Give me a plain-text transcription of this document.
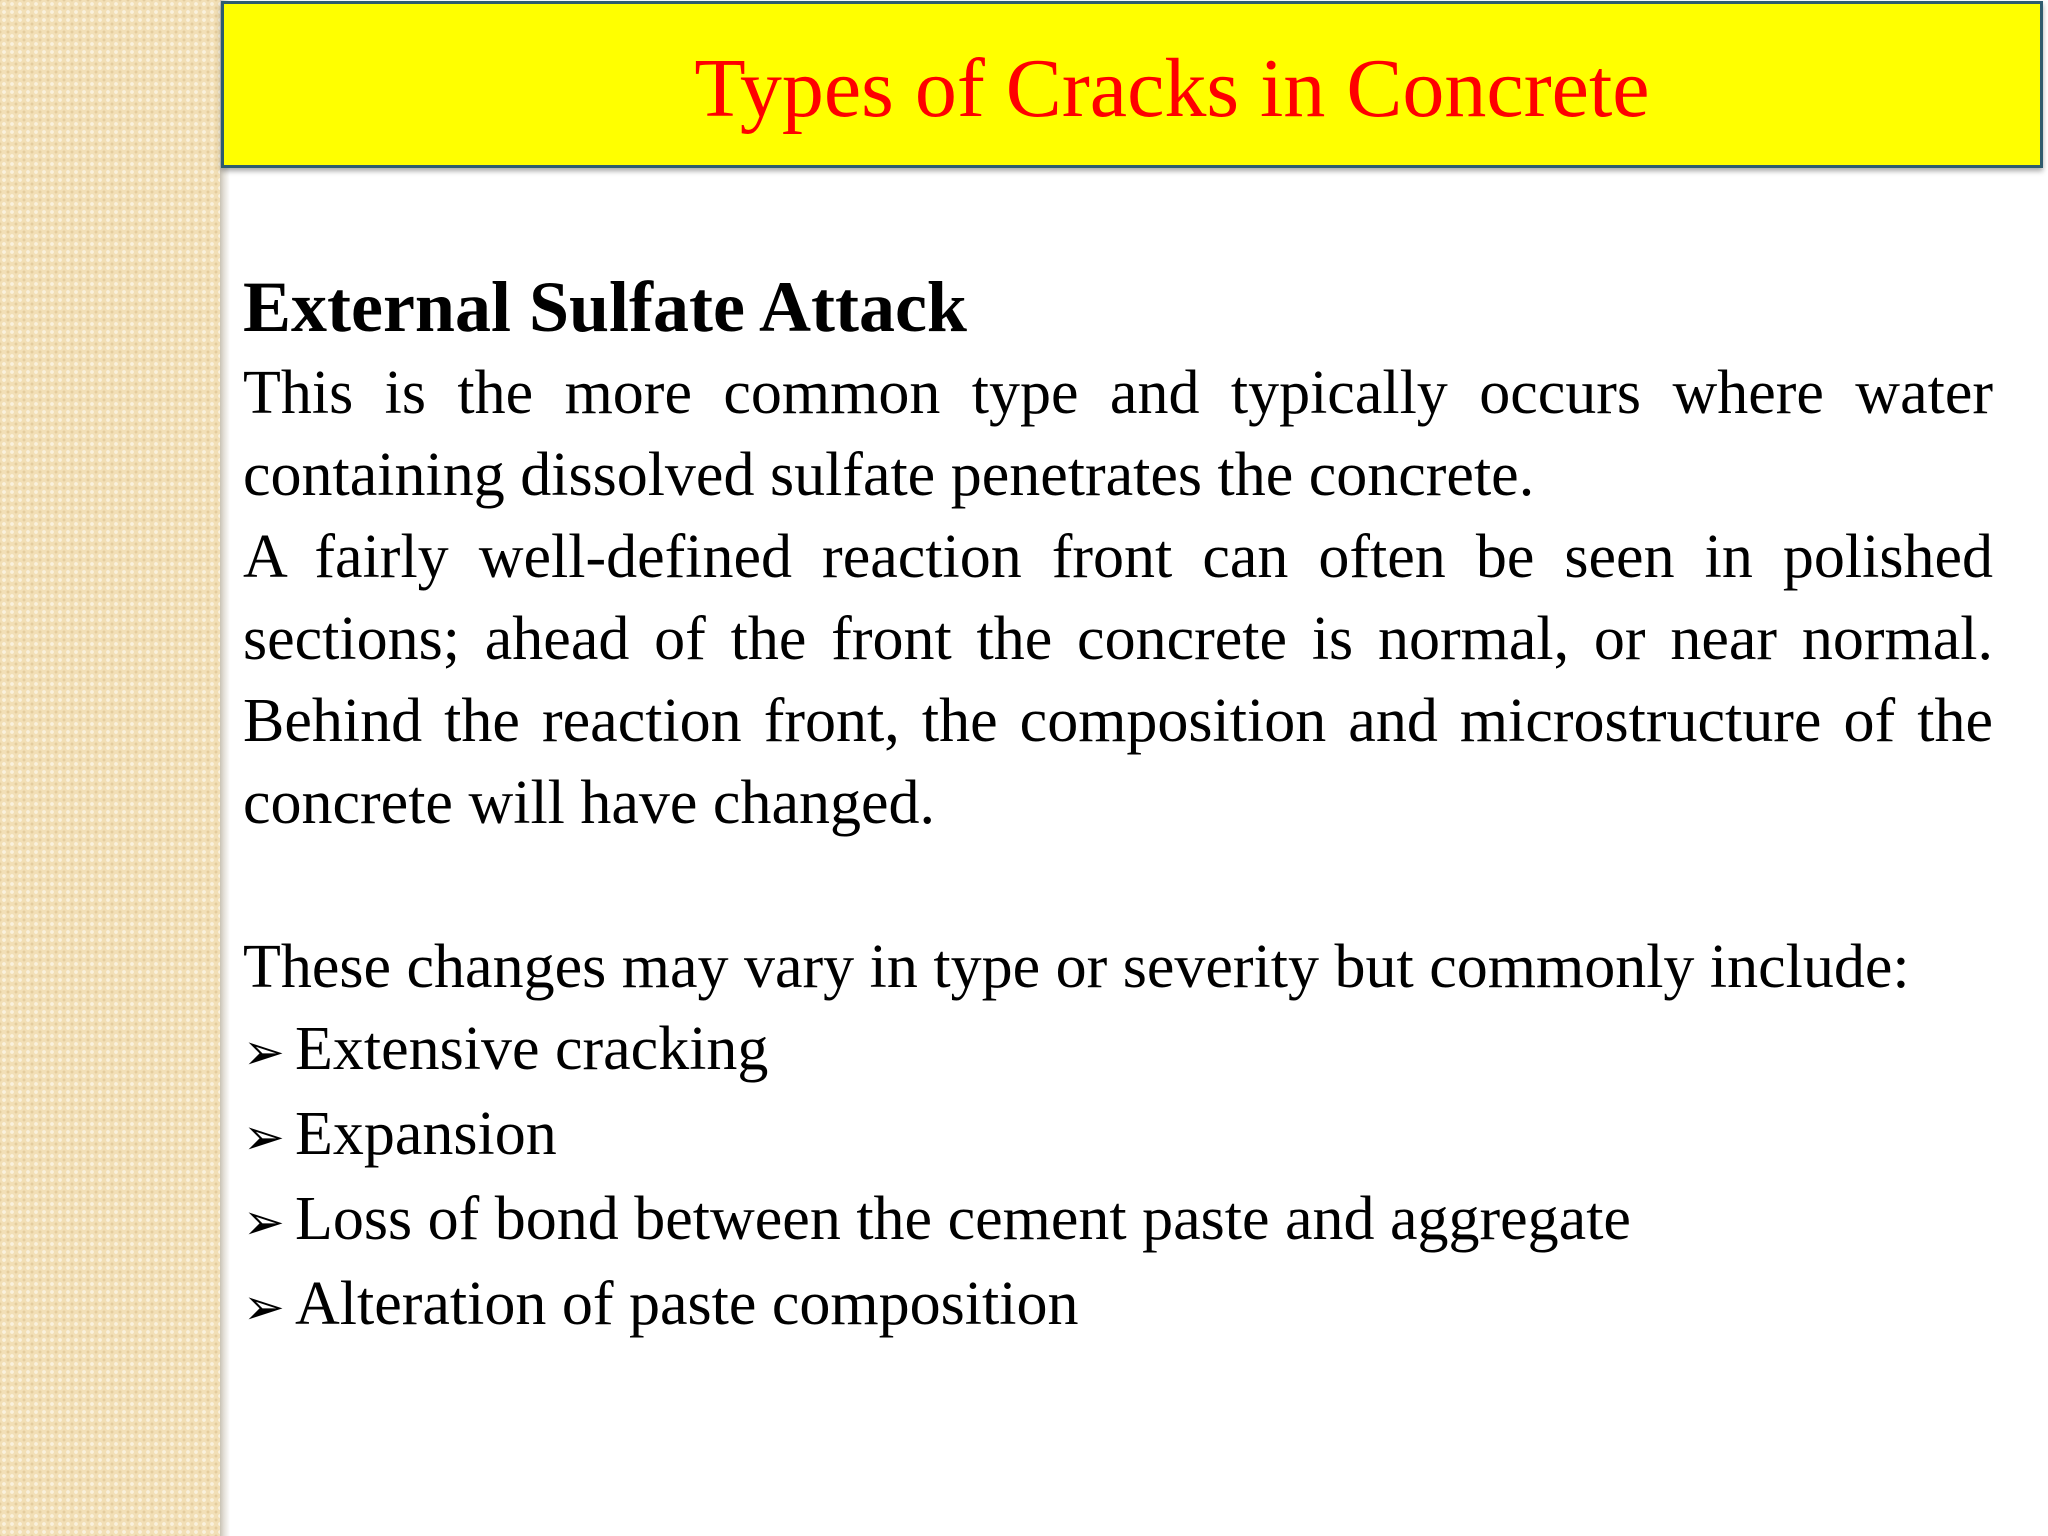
Types of Cracks in Concrete

External Sulfate Attack

This is the more common type and typically occurs where water containing dissolved sulfate penetrates the concrete.

A fairly well-defined reaction front can often be seen in polished sections; ahead of the front the concrete is normal, or near normal. Behind the reaction front, the composition and microstructure of the concrete will have changed.

These changes may vary in type or severity but commonly include:

➢ Extensive cracking
➢ Expansion
➢ Loss of bond between the cement paste and aggregate
➢ Alteration of paste composition
